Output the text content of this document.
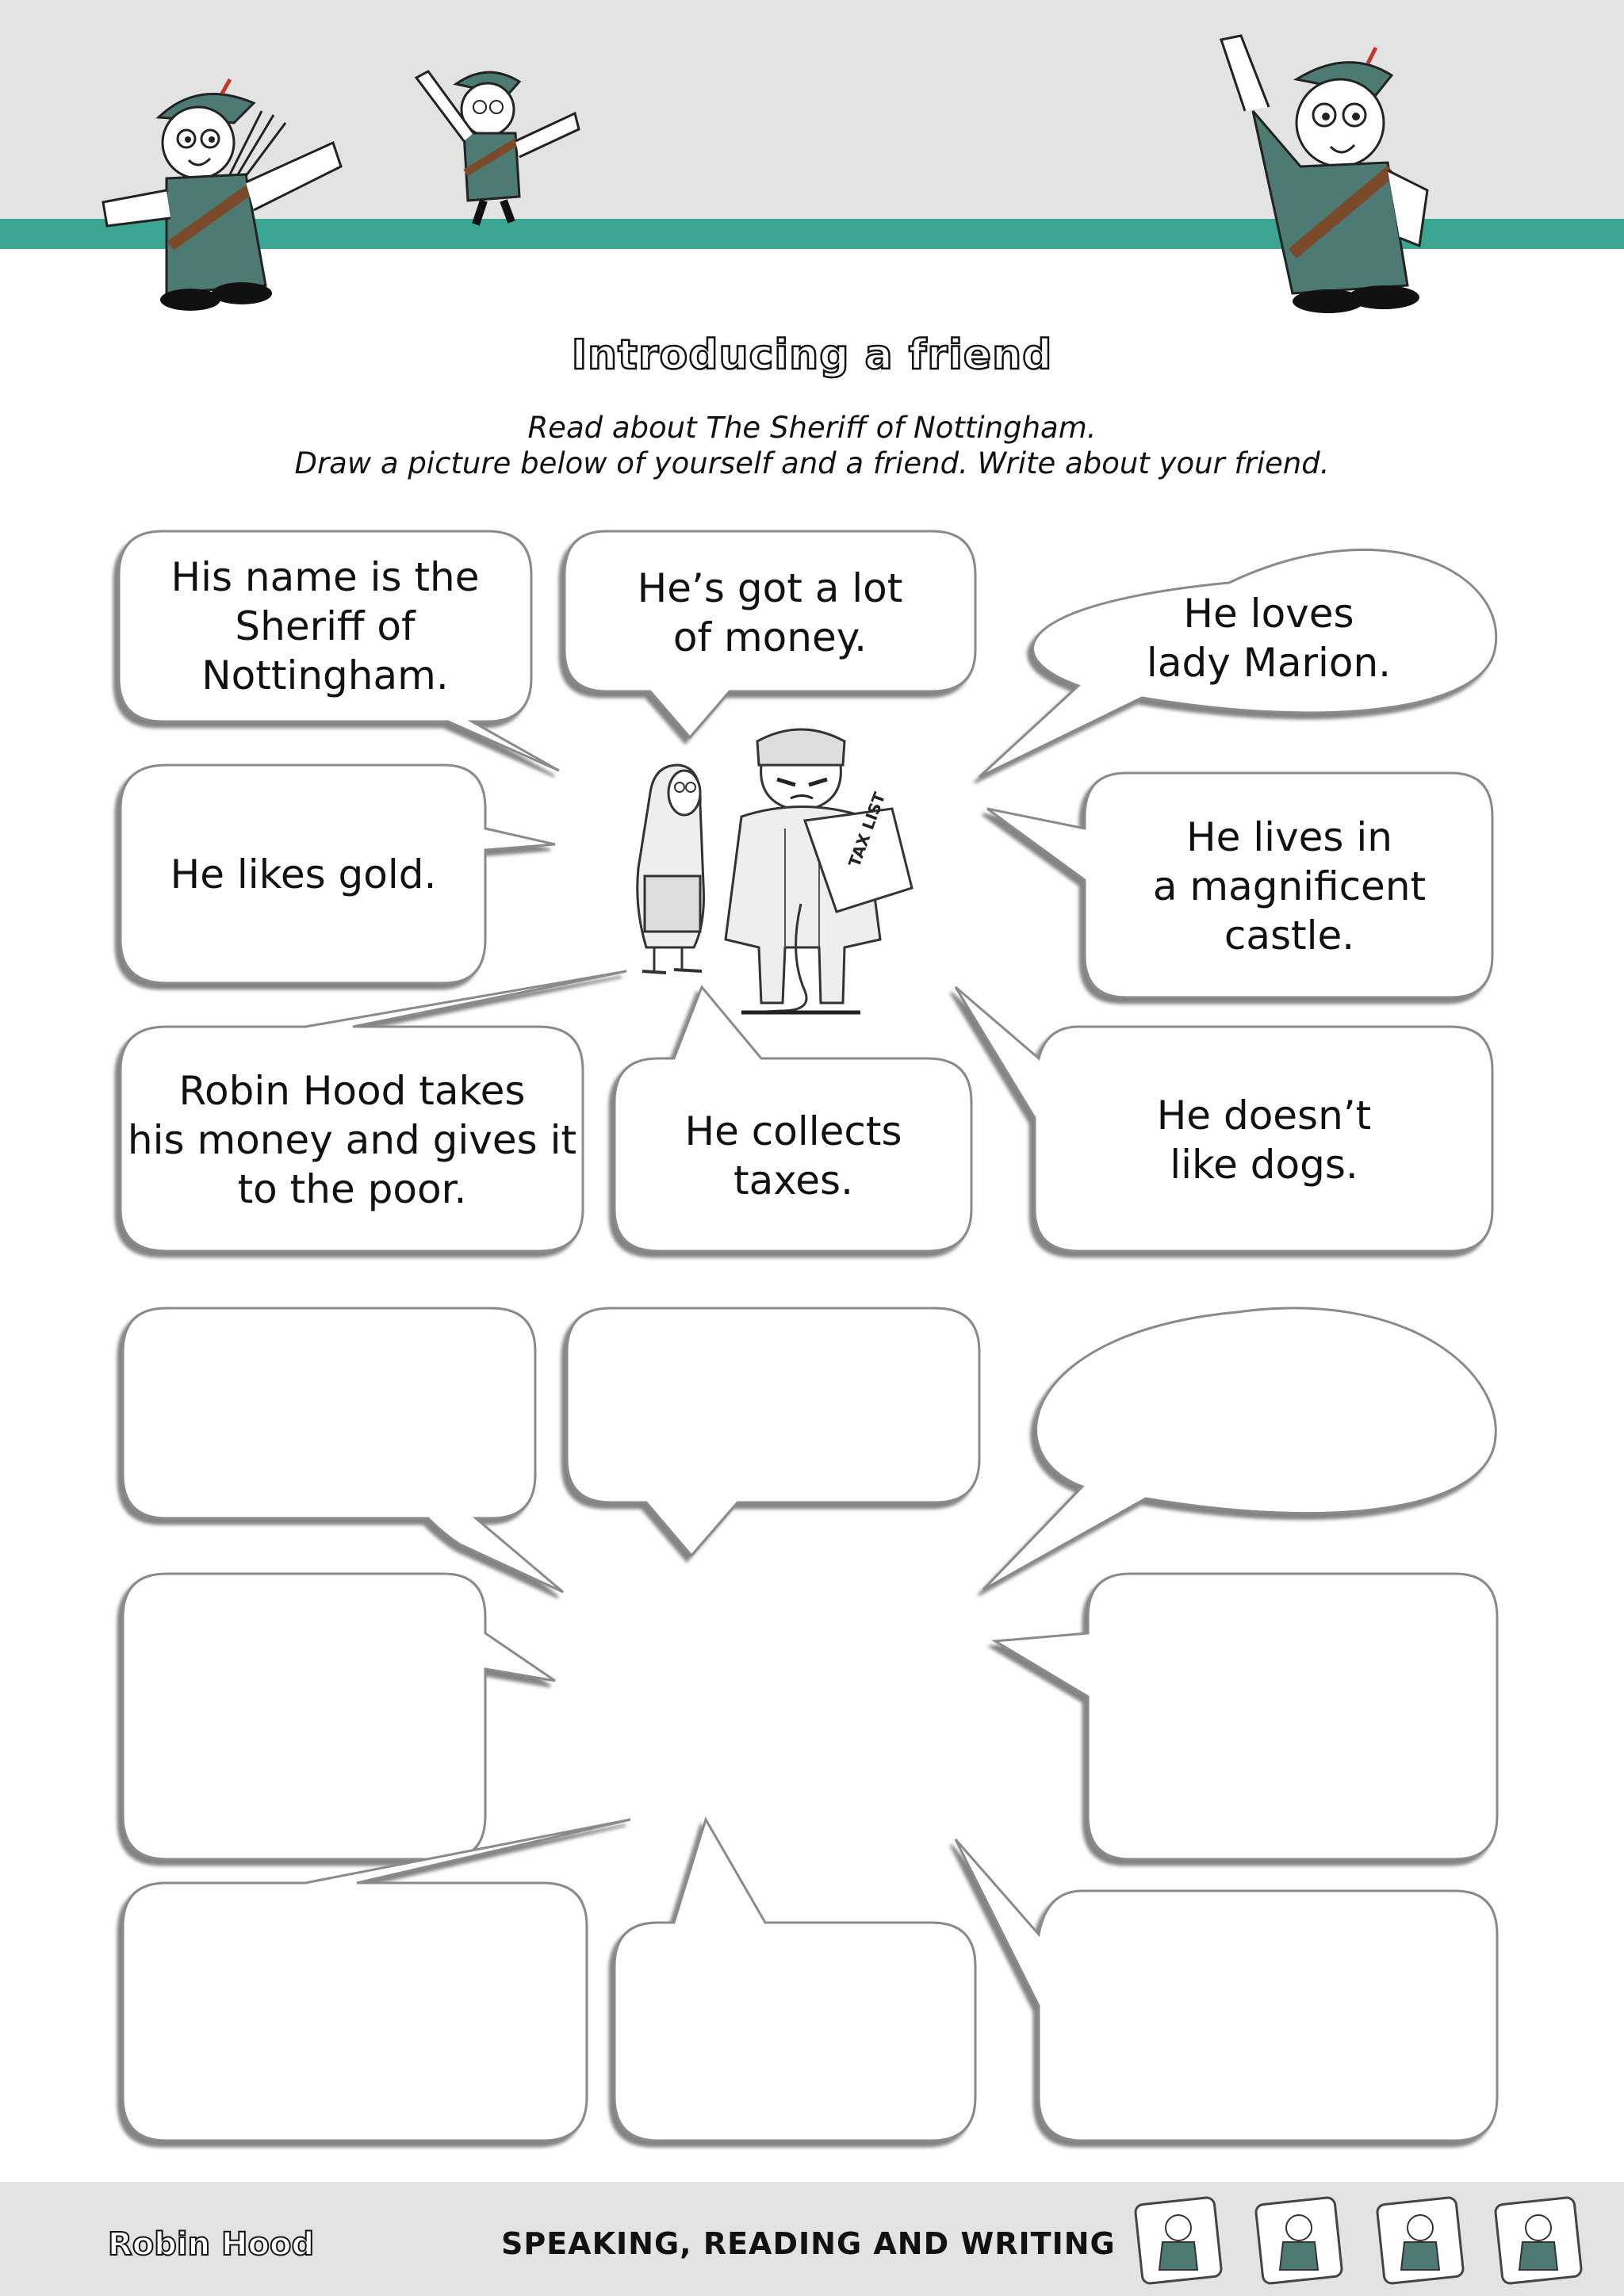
Introducing a friend
Read about The Sheriff of Nottingham.
Draw a picture below of yourself and a friend. Write about your friend.
TAX LIST
His name is the
Sheriff of
Nottingham.
He’s got a lot
of money.
He loves
lady Marion.
He likes gold.
He lives in
a magnificent
castle.
Robin Hood takes
his money and gives it
to the poor.
He collects
taxes.
He doesn’t
like dogs.
Robin Hood	SPEAKING, READING AND WRITING
